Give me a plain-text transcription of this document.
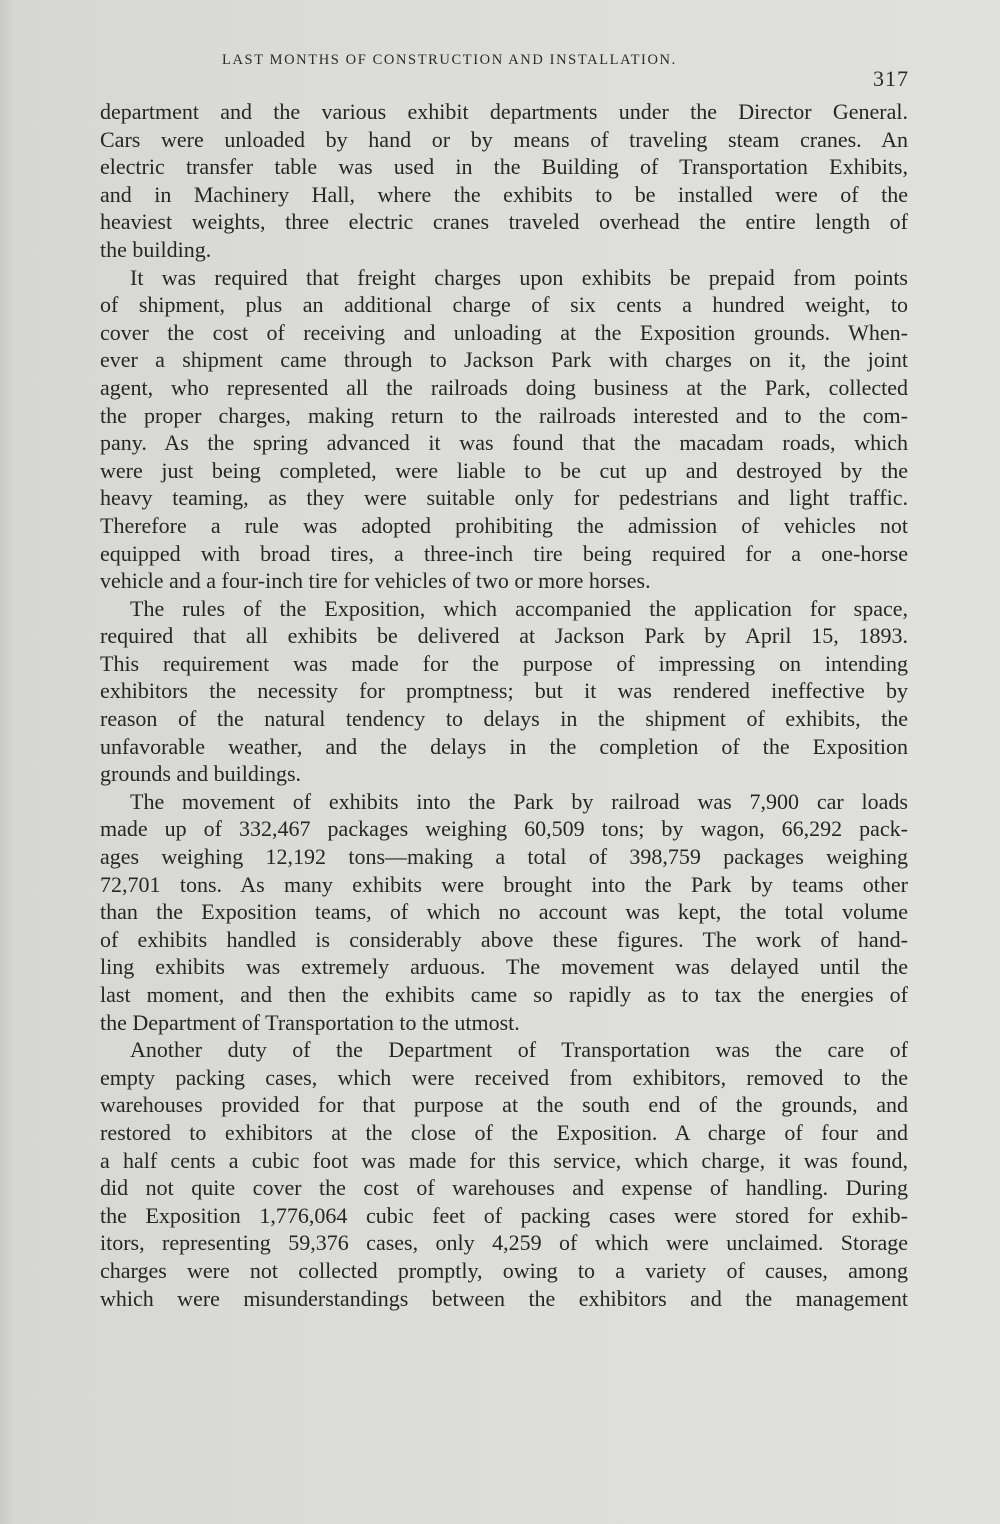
LAST MONTHS OF CONSTRUCTION AND INSTALLATION.
317
department and the various exhibit departments under the Director General.
Cars were unloaded by hand or by means of traveling steam cranes. An
electric transfer table was used in the Building of Transportation Exhibits,
and in Machinery Hall, where the exhibits to be installed were of the
heaviest weights, three electric cranes traveled overhead the entire length of
the building.
It was required that freight charges upon exhibits be prepaid from points
of shipment, plus an additional charge of six cents a hundred weight, to
cover the cost of receiving and unloading at the Exposition grounds. When-
ever a shipment came through to Jackson Park with charges on it, the joint
agent, who represented all the railroads doing business at the Park, collected
the proper charges, making return to the railroads interested and to the com-
pany. As the spring advanced it was found that the macadam roads, which
were just being completed, were liable to be cut up and destroyed by the
heavy teaming, as they were suitable only for pedestrians and light traffic.
Therefore a rule was adopted prohibiting the admission of vehicles not
equipped with broad tires, a three-inch tire being required for a one-horse
vehicle and a four-inch tire for vehicles of two or more horses.
The rules of the Exposition, which accompanied the application for space,
required that all exhibits be delivered at Jackson Park by April 15, 1893.
This requirement was made for the purpose of impressing on intending
exhibitors the necessity for promptness; but it was rendered ineffective by
reason of the natural tendency to delays in the shipment of exhibits, the
unfavorable weather, and the delays in the completion of the Exposition
grounds and buildings.
The movement of exhibits into the Park by railroad was 7,900 car loads
made up of 332,467 packages weighing 60,509 tons; by wagon, 66,292 pack-
ages weighing 12,192 tons—making a total of 398,759 packages weighing
72,701 tons. As many exhibits were brought into the Park by teams other
than the Exposition teams, of which no account was kept, the total volume
of exhibits handled is considerably above these figures. The work of hand-
ling exhibits was extremely arduous. The movement was delayed until the
last moment, and then the exhibits came so rapidly as to tax the energies of
the Department of Transportation to the utmost.
Another duty of the Department of Transportation was the care of
empty packing cases, which were received from exhibitors, removed to the
warehouses provided for that purpose at the south end of the grounds, and
restored to exhibitors at the close of the Exposition. A charge of four and
a half cents a cubic foot was made for this service, which charge, it was found,
did not quite cover the cost of warehouses and expense of handling. During
the Exposition 1,776,064 cubic feet of packing cases were stored for exhib-
itors, representing 59,376 cases, only 4,259 of which were unclaimed. Storage
charges were not collected promptly, owing to a variety of causes, among
which were misunderstandings between the exhibitors and the management
